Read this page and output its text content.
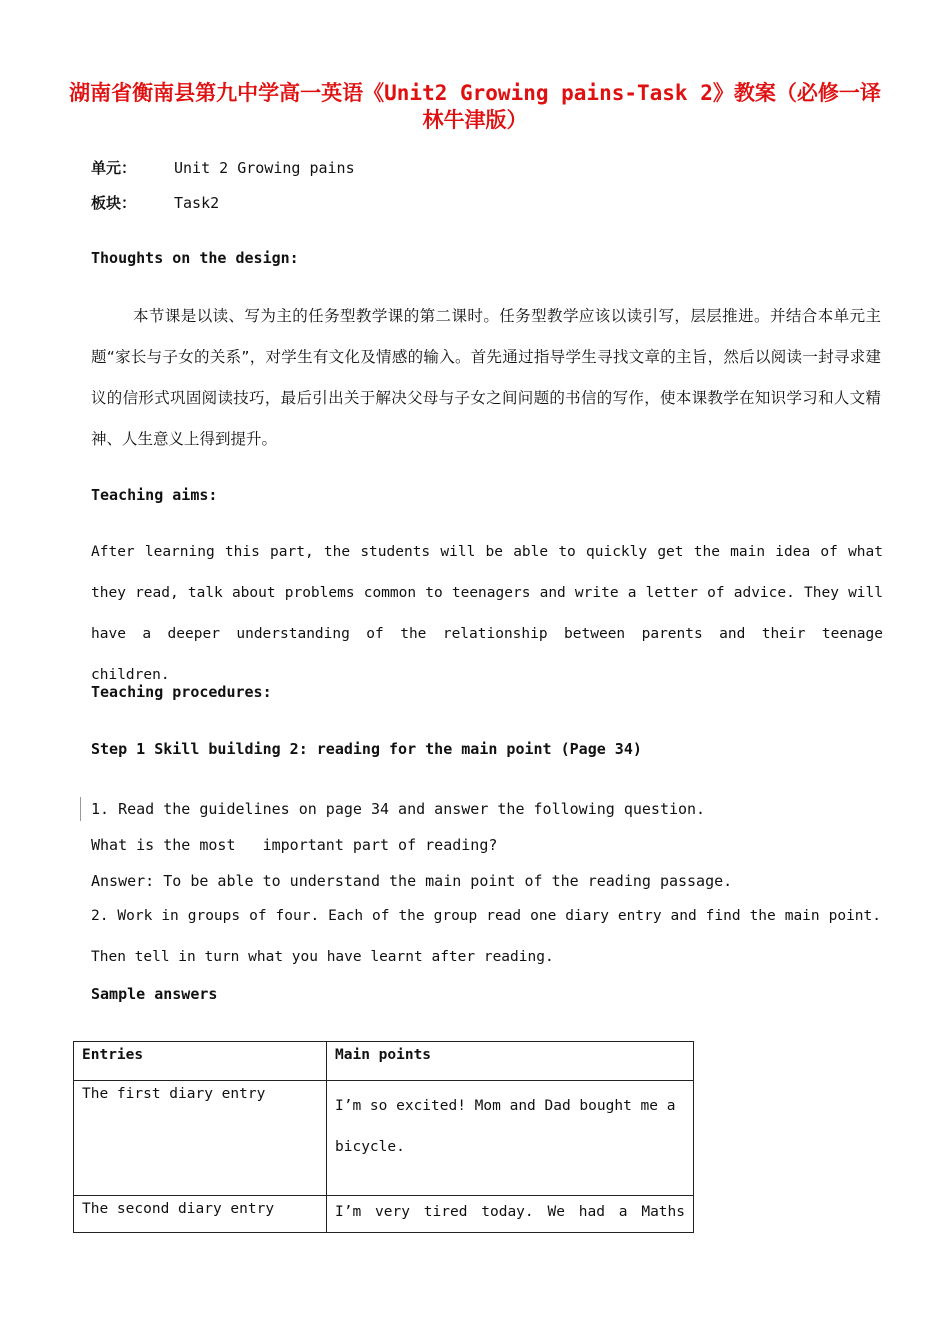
湖南省衡南县第九中学高一英语《Unit2 Growing pains-Task 2》教案（必修一译林牛津版）
单元：	Unit 2 Growing pains
板块：	Task2
Thoughts on the design:
本节课是以读、写为主的任务型教学课的第二课时。任务型教学应该以读引写，层层推进。并结合本单元主题“家长与子女的关系”，对学生有文化及情感的输入。首先通过指导学生寻找文章的主旨，然后以阅读一封寻求建议的信形式巩固阅读技巧，最后引出关于解决父母与子女之间问题的书信的写作，使本课教学在知识学习和人文精神、人生意义上得到提升。
Teaching aims:
After learning this part, the students will be able to quickly get the main idea of what they read, talk about problems common to teenagers and write a letter of advice. They will have a deeper understanding of the relationship between parents and their teenage children.
Teaching procedures:
Step 1 Skill building 2: reading for the main point (Page 34)
1. Read the guidelines on page 34 and answer the following question.
What is the most   important part of reading?
Answer: To be able to understand the main point of the reading passage.
2. Work in groups of four. Each of the group read one diary entry and find the main point. Then tell in turn what you have learnt after reading.
Sample answers
Entries	Main points
The first diary entry	I’m so excited! Mom and Dad bought me a bicycle.
The second diary entry	I’m very tired today. We had a Maths
